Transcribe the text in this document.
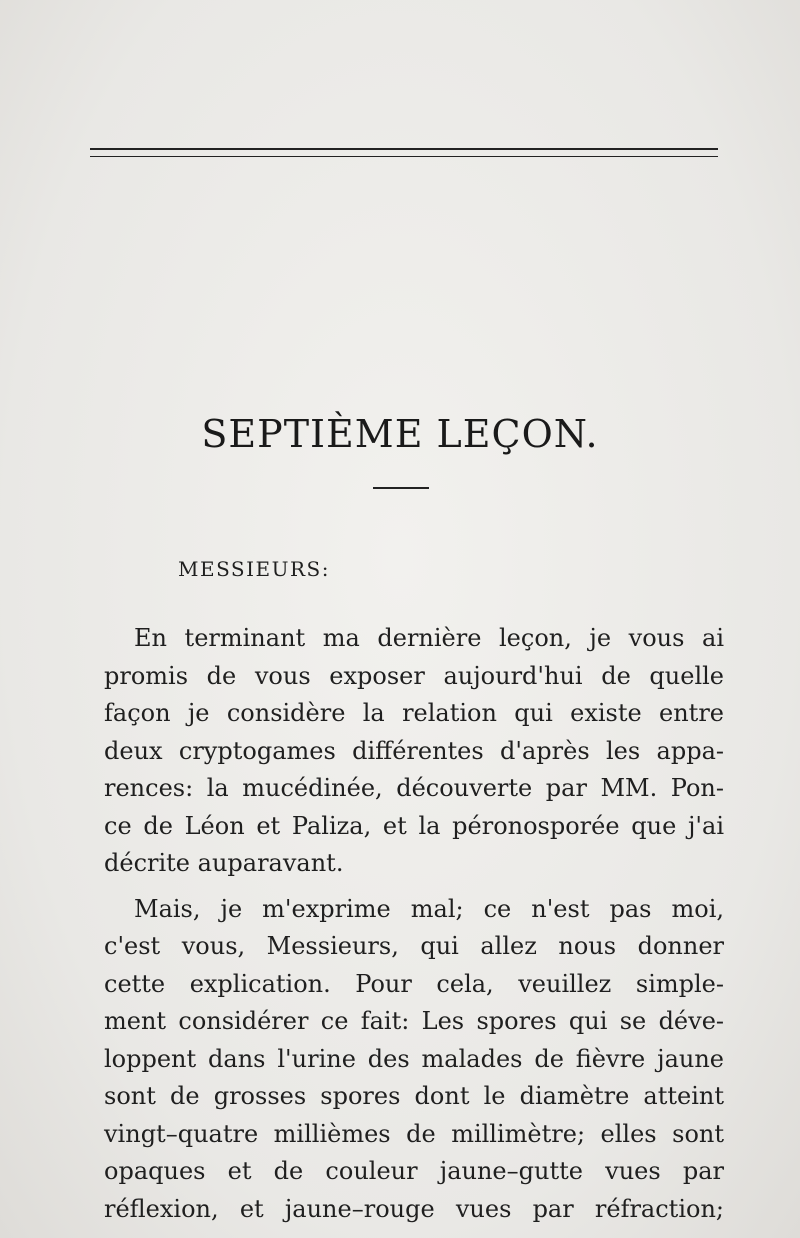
SEPTIÈME LEÇON.
MESSIEURS:
En terminant ma dernière leçon, je vous ai
promis de vous exposer aujourd'hui de quelle
façon je considère la relation qui existe entre
deux cryptogames différentes d'après les appa-
rences: la mucédinée, découverte par MM. Pon-
ce de Léon et Paliza, et la péronosporée que j'ai
décrite auparavant.
Mais, je m'exprime mal; ce n'est pas moi,
c'est vous, Messieurs, qui allez nous donner
cette explication. Pour cela, veuillez simple-
ment considérer ce fait: Les spores qui se déve-
loppent dans l'urine des malades de fièvre jaune
sont de grosses spores dont le diamètre atteint
vingt–quatre millièmes de millimètre; elles sont
opaques et de couleur jaune–gutte vues par
réflexion, et jaune–rouge vues par réfraction;
